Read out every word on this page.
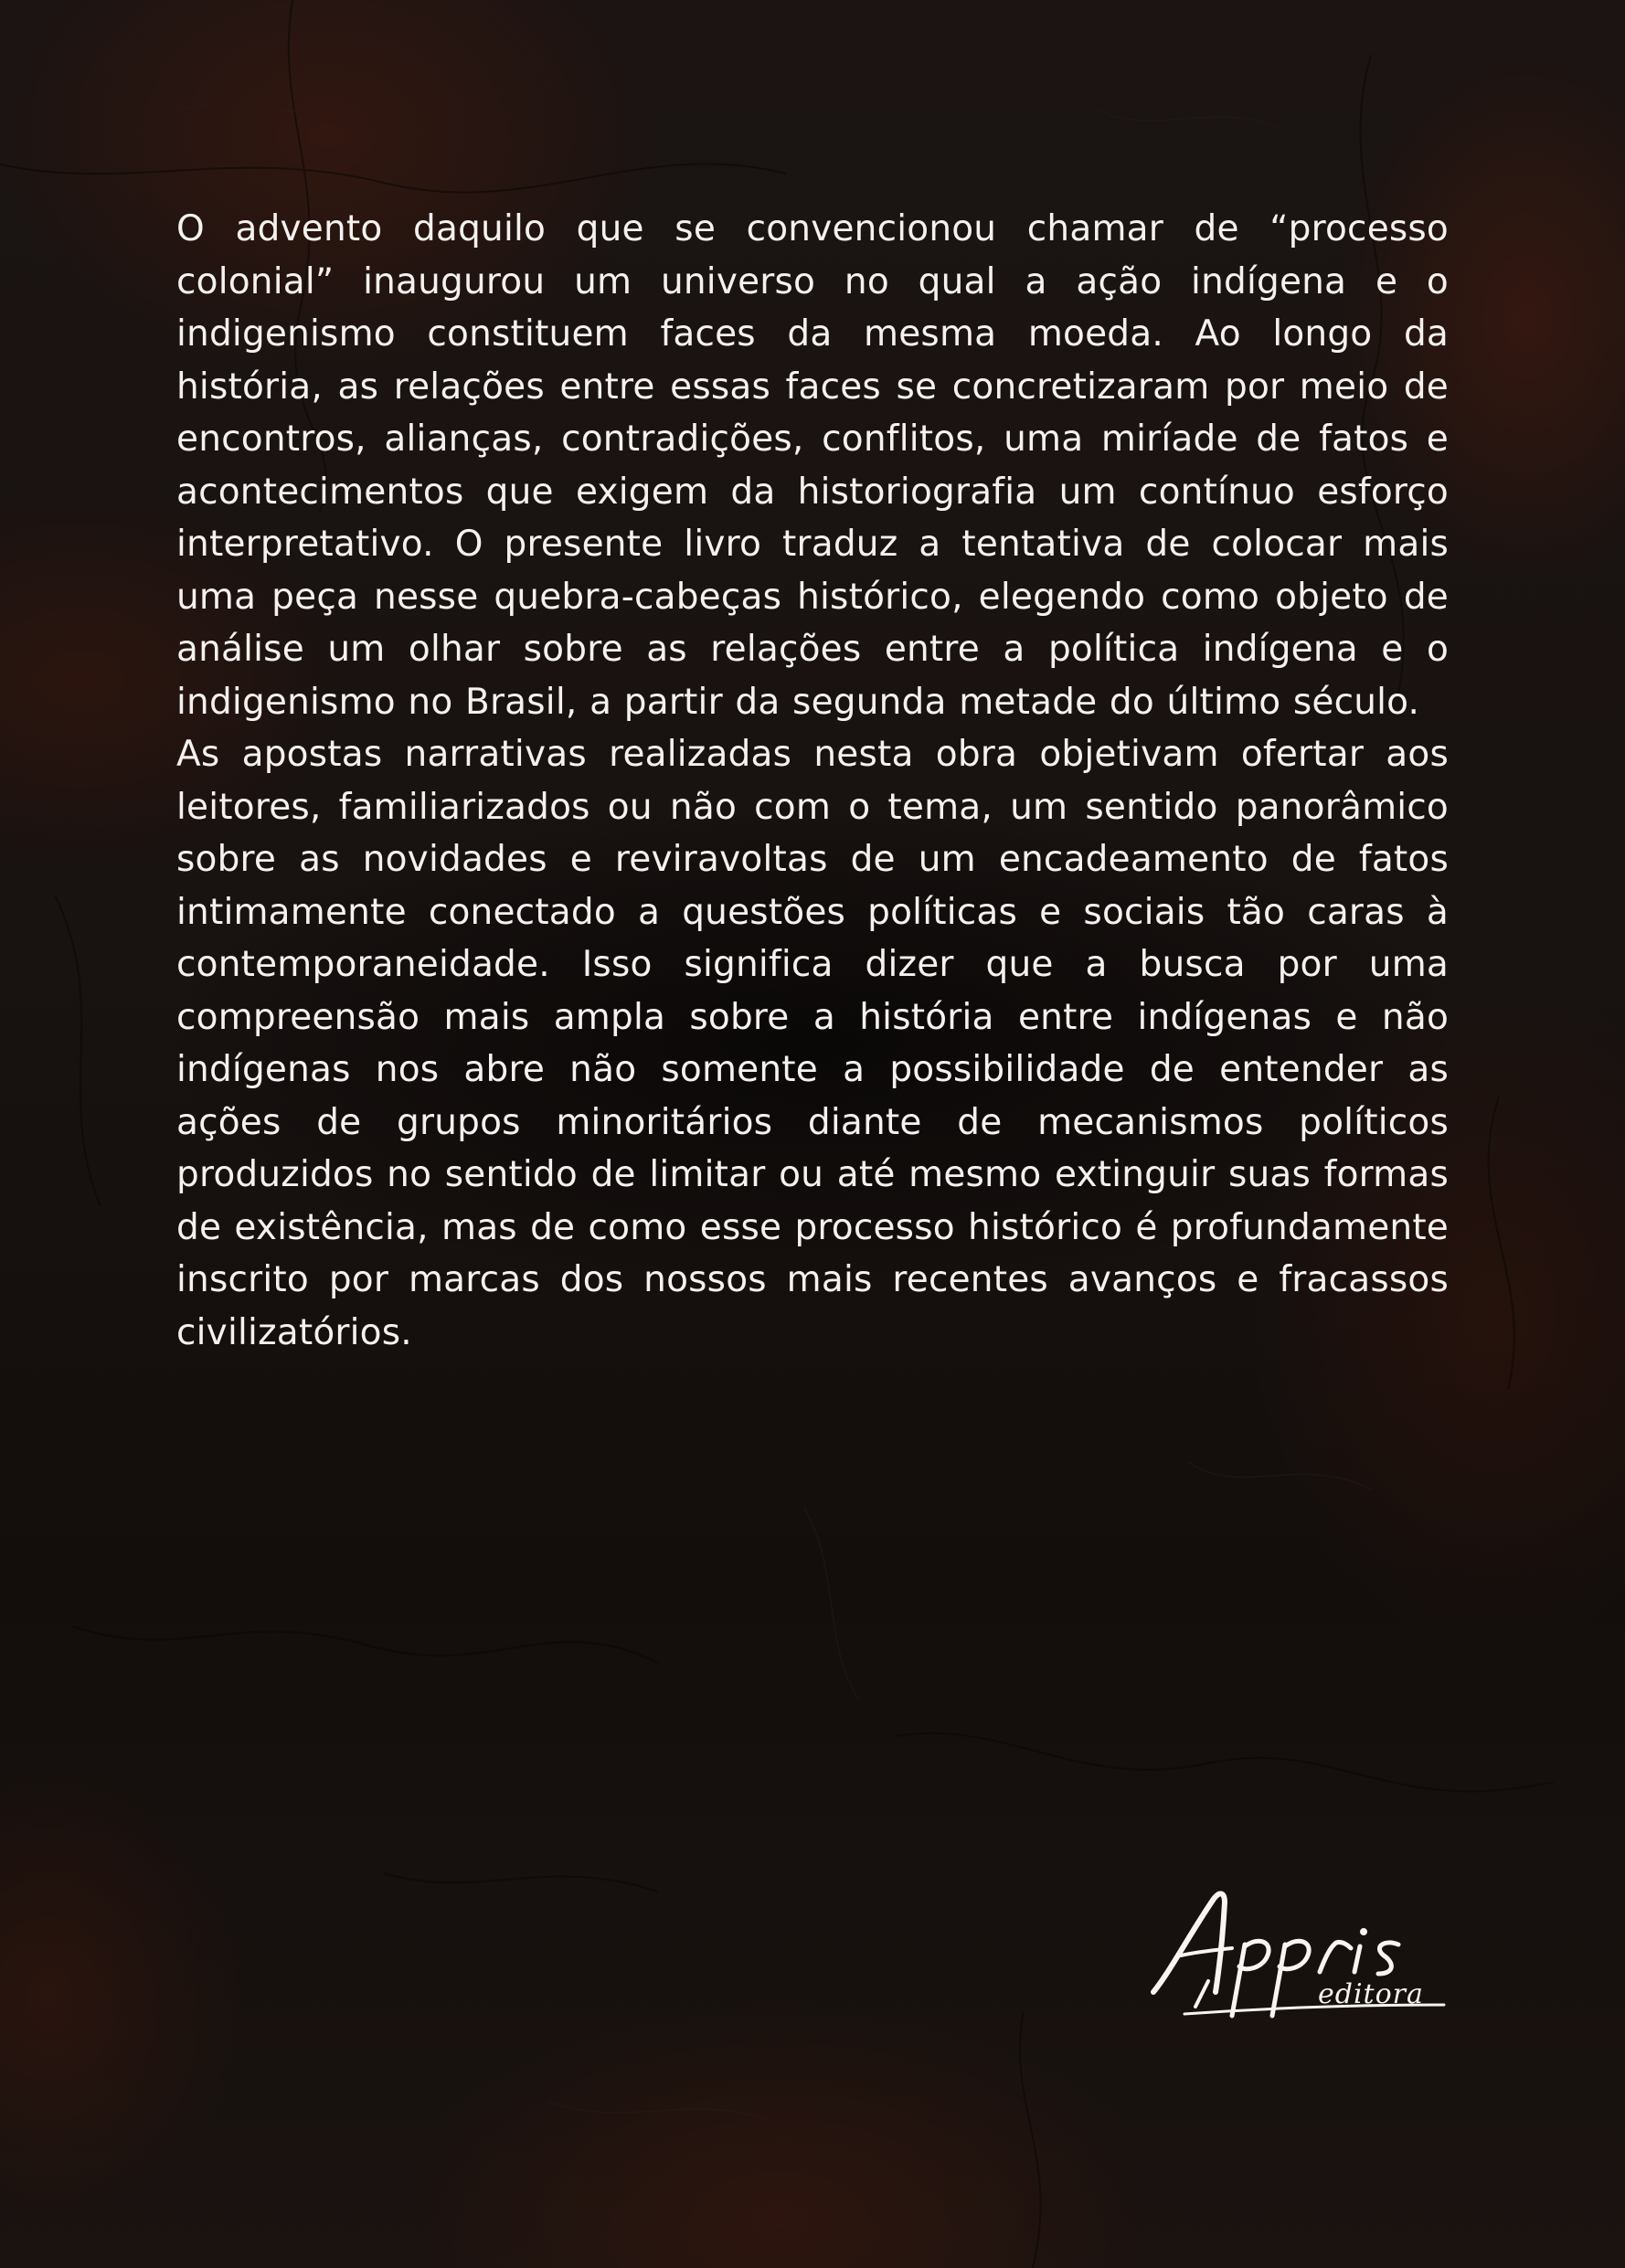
O advento daquilo que se convencionou chamar de “processo colonial” inaugurou um universo no qual a ação indígena e o indigenismo constituem faces da mesma moeda. Ao longo da história, as relações entre essas faces se concretizaram por meio de encontros, alianças, contradições, conflitos, uma miríade de fatos e acontecimentos que exigem da historiografia um contínuo esforço interpretativo. O presente livro traduz a tentativa de colocar mais uma peça nesse quebra-cabeças histórico, elegendo como objeto de análise um olhar sobre as relações entre a política indígena e o indigenismo no Brasil, a partir da segunda metade do último século.

As apostas narrativas realizadas nesta obra objetivam ofertar aos leitores, familiarizados ou não com o tema, um sentido panorâmico sobre as novidades e reviravoltas de um encadeamento de fatos intimamente conectado a questões políticas e sociais tão caras à contemporaneidade. Isso significa dizer que a busca por uma compreensão mais ampla sobre a história entre indígenas e não indígenas nos abre não somente a possibilidade de entender as ações de grupos minoritários diante de mecanismos políticos produzidos no sentido de limitar ou até mesmo extinguir suas formas de existência, mas de como esse processo histórico é profundamente inscrito por marcas dos nossos mais recentes avanços e fracassos civilizatórios.

editora
